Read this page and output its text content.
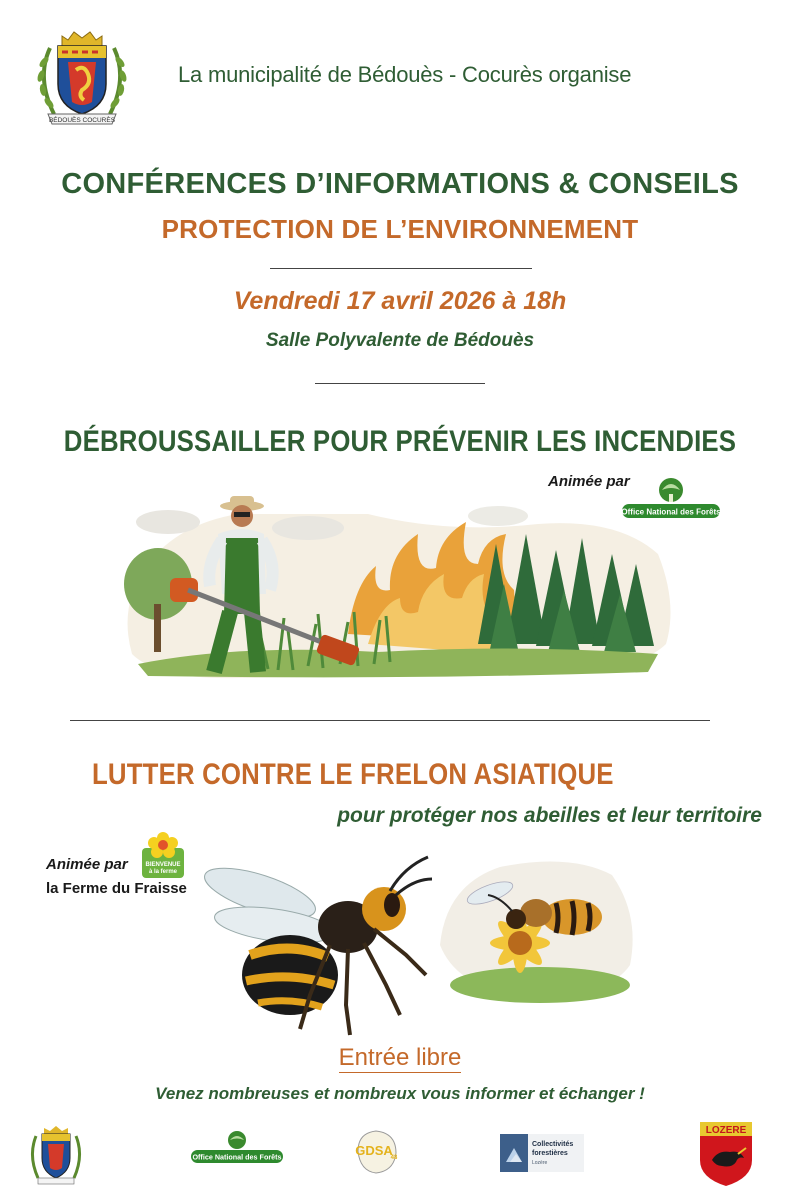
BÉDOUÈS COCURÈS
La municipalité de Bédouès - Cocurès organise
CONFÉRENCES D’INFORMATIONS & CONSEILS
PROTECTION DE L’ENVIRONNEMENT
Vendredi 17 avril 2026 à 18h
Salle Polyvalente de Bédouès
DÉBROUSSAILLER POUR PRÉVENIR LES INCENDIES
Animée par
Office National des Forêts
LUTTER CONTRE LE FRELON ASIATIQUE
pour protéger nos abeilles et leur territoire
Animée par
la Ferme du Fraisse
BIENVENUE
à la ferme
Entrée libre
Venez nombreuses et nombreux vous informer et échanger !
Office National des Forêts	GDSA
48
Collectivités
forestières
Lozère
LOZERE
